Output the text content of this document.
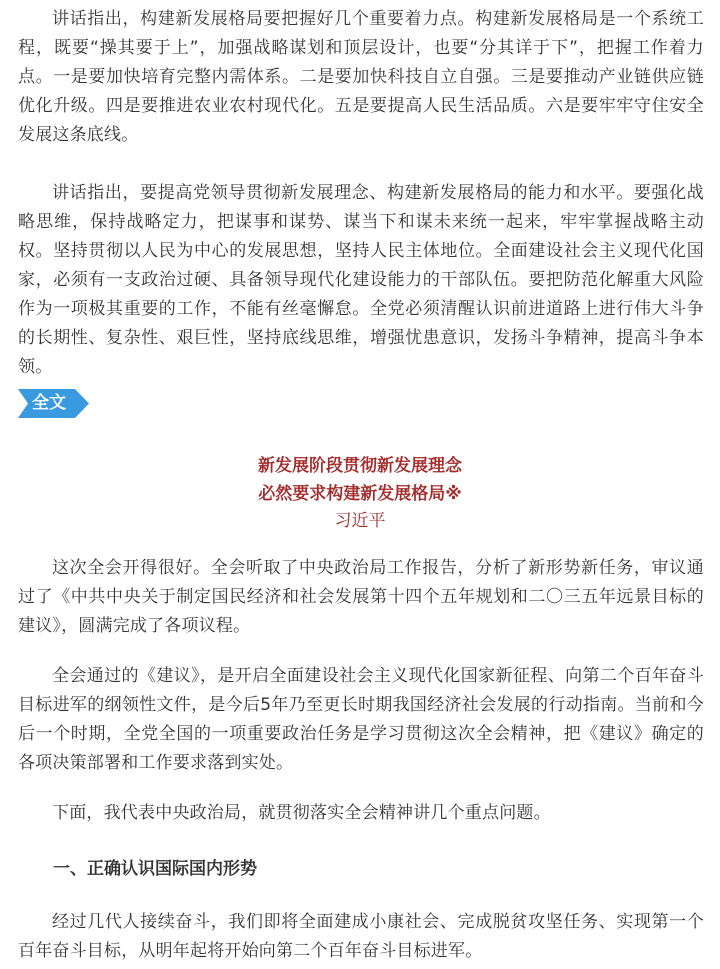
讲话指出，构建新发展格局要把握好几个重要着力点。构建新发展格局是一个系统工程，既要“操其要于上”，加强战略谋划和顶层设计，也要“分其详于下”，把握工作着力点。一是要加快培育完整内需体系。二是要加快科技自立自强。三是要推动产业链供应链优化升级。四是要推进农业农村现代化。五是要提高人民生活品质。六是要牢牢守住安全发展这条底线。

讲话指出，要提高党领导贯彻新发展理念、构建新发展格局的能力和水平。要强化战略思维，保持战略定力，把谋事和谋势、谋当下和谋未来统一起来，牢牢掌握战略主动权。坚持贯彻以人民为中心的发展思想，坚持人民主体地位。全面建设社会主义现代化国家，必须有一支政治过硬、具备领导现代化建设能力的干部队伍。要把防范化解重大风险作为一项极其重要的工作，不能有丝毫懈怠。全党必须清醒认识前进道路上进行伟大斗争的长期性、复杂性、艰巨性，坚持底线思维，增强忧患意识，发扬斗争精神，提高斗争本领。

全文

新发展阶段贯彻新发展理念

必然要求构建新发展格局※

习近平

这次全会开得很好。全会听取了中央政治局工作报告，分析了新形势新任务，审议通过了《中共中央关于制定国民经济和社会发展第十四个五年规划和二〇三五年远景目标的建议》，圆满完成了各项议程。

全会通过的《建议》，是开启全面建设社会主义现代化国家新征程、向第二个百年奋斗目标进军的纲领性文件，是今后5年乃至更长时期我国经济社会发展的行动指南。当前和今后一个时期，全党全国的一项重要政治任务是学习贯彻这次全会精神，把《建议》确定的各项决策部署和工作要求落到实处。

下面，我代表中央政治局，就贯彻落实全会精神讲几个重点问题。

一、正确认识国际国内形势

经过几代人接续奋斗，我们即将全面建成小康社会、完成脱贫攻坚任务、实现第一个百年奋斗目标，从明年起将开始向第二个百年奋斗目标进军。
